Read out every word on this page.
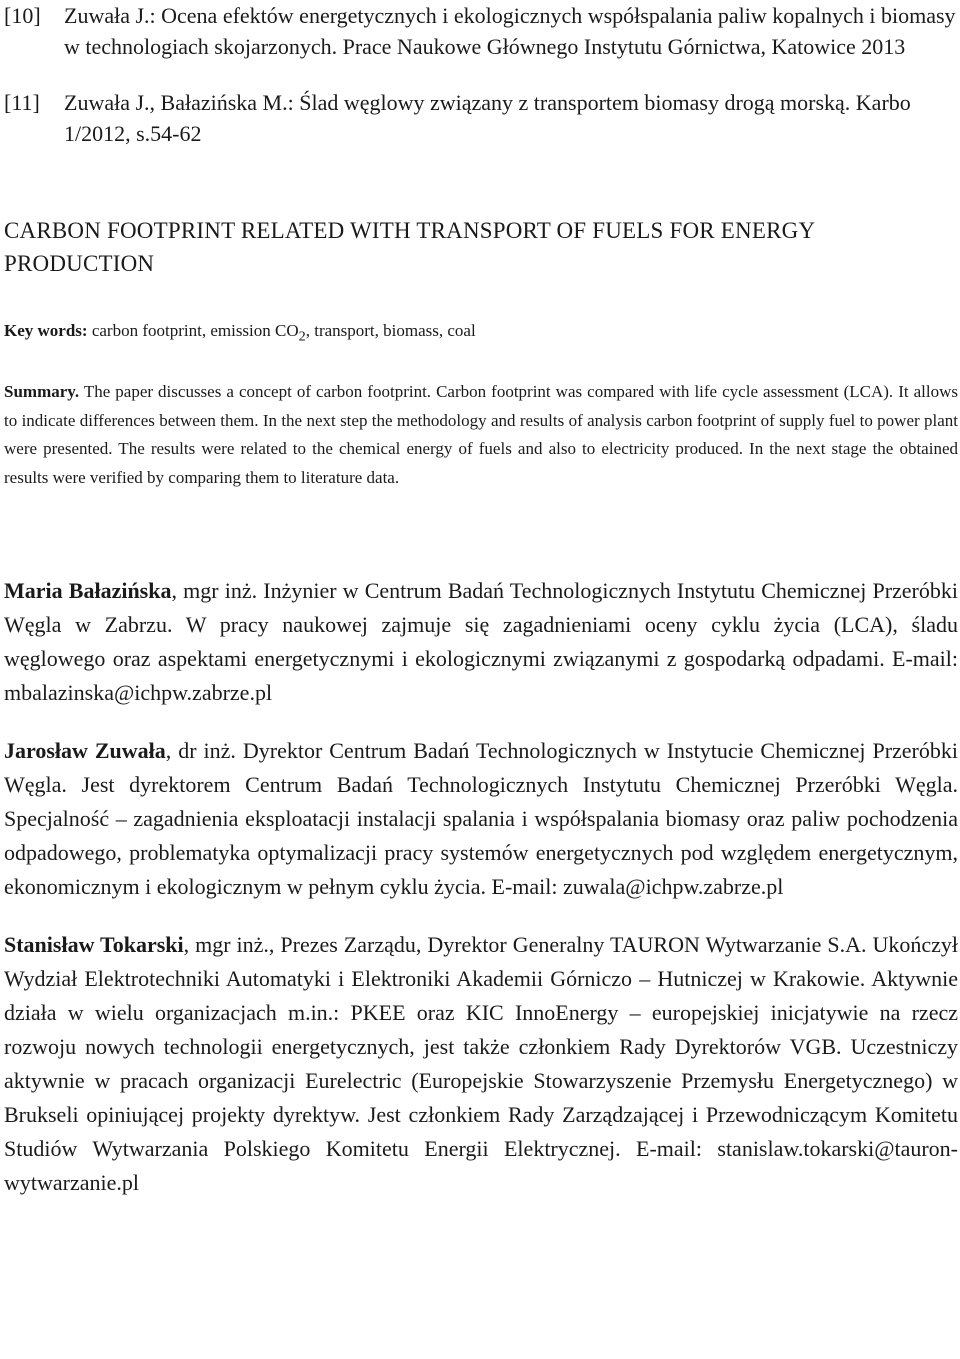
[10]	Zuwała J.: Ocena efektów energetycznych i ekologicznych współspalania paliw kopalnych i biomasy w technologiach skojarzonych. Prace Naukowe Głównego Instytutu Górnictwa, Katowice 2013
[11]	Zuwała J., Bałazińska M.: Ślad węglowy związany z transportem biomasy drogą morską. Karbo 1/2012, s.54-62
CARBON FOOTPRINT RELATED WITH TRANSPORT OF FUELS FOR ENERGY PRODUCTION
Key words: carbon footprint, emission $CO_2$, transport, biomass, coal
Summary. The paper discusses a concept of carbon footprint. Carbon footprint was compared with life cycle assessment (LCA). It allows to indicate differences between them. In the next step the methodology and results of analysis carbon footprint of supply fuel to power plant were presented. The results were related to the chemical energy of fuels and also to electricity produced. In the next stage the obtained results were verified by comparing them to literature data.
Maria Bałazińska, mgr inż. Inżynier w Centrum Badań Technologicznych Instytutu Chemicznej Przeróbki Węgla w Zabrzu. W pracy naukowej zajmuje się zagadnieniami oceny cyklu życia (LCA), śladu węglowego oraz aspektami energetycznymi i ekologicznymi związanymi z gospodarką odpadami. E-mail: mbalazinska@ichpw.zabrze.pl
Jarosław Zuwała, dr inż. Dyrektor Centrum Badań Technologicznych w Instytucie Chemicznej Przeróbki Węgla. Jest dyrektorem Centrum Badań Technologicznych Instytutu Chemicznej Przeróbki Węgla. Specjalność – zagadnienia eksploatacji instalacji spalania i współspalania biomasy oraz paliw pochodzenia odpadowego, problematyka optymalizacji pracy systemów energetycznych pod względem energetycznym, ekonomicznym i ekologicznym w pełnym cyklu życia. E-mail: zuwala@ichpw.zabrze.pl
Stanisław Tokarski, mgr inż., Prezes Zarządu, Dyrektor Generalny TAURON Wytwarzanie S.A. Ukończył Wydział Elektrotechniki Automatyki i Elektroniki Akademii Górniczo – Hutniczej w Krakowie. Aktywnie działa w wielu organizacjach m.in.: PKEE oraz KIC InnoEnergy – europejskiej inicjatywie na rzecz rozwoju nowych technologii energetycznych, jest także członkiem Rady Dyrektorów VGB. Uczestniczy aktywnie w pracach organizacji Eurelectric (Europejskie Stowarzyszenie Przemysłu Energetycznego) w Brukseli opiniującej projekty dyrektyw. Jest członkiem Rady Zarządzającej i Przewodniczącym Komitetu Studiów Wytwarzania Polskiego Komitetu Energii Elektrycznej. E-mail: stanislaw.tokarski@tauron-wytwarzanie.pl
